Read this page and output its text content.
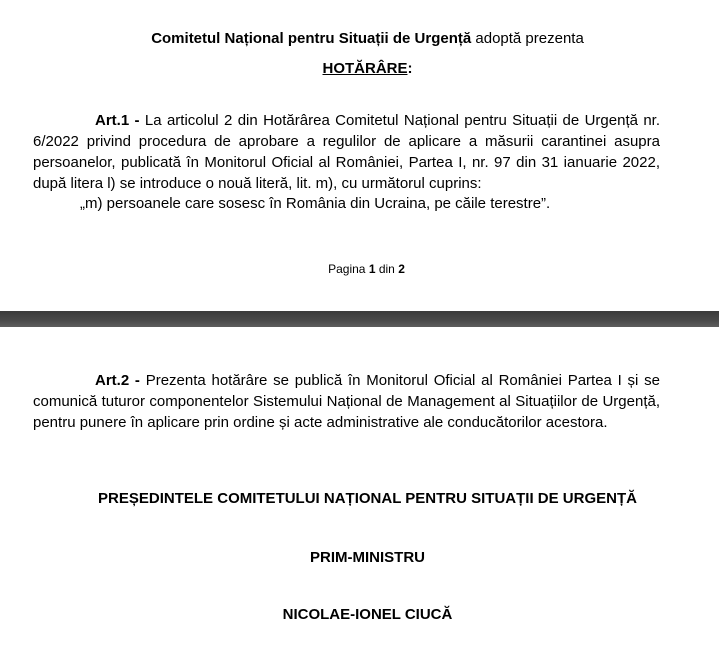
Comitetul Național pentru Situații de Urgență adoptă prezenta
HOTĂRÂRE:
Art.1 - La articolul 2 din Hotărârea Comitetul Național pentru Situații de Urgență nr. 6/2022 privind procedura de aprobare a regulilor de aplicare a măsurii carantinei asupra persoanelor, publicată în Monitorul Oficial al României, Partea I, nr. 97 din 31 ianuarie 2022, după litera l) se introduce o nouă literă, lit. m), cu următorul cuprins:
„m) persoanele care sosesc în România din Ucraina, pe căile terestre”.
Pagina 1 din 2
Art.2 - Prezenta hotărâre se publică în Monitorul Oficial al României Partea I și se comunică tuturor componentelor Sistemului Național de Management al Situațiilor de Urgență, pentru punere în aplicare prin ordine și acte administrative ale conducătorilor acestora.
PREȘEDINTELE COMITETULUI NAȚIONAL PENTRU SITUAȚII DE URGENȚĂ
PRIM-MINISTRU
NICOLAE-IONEL CIUCĂ
